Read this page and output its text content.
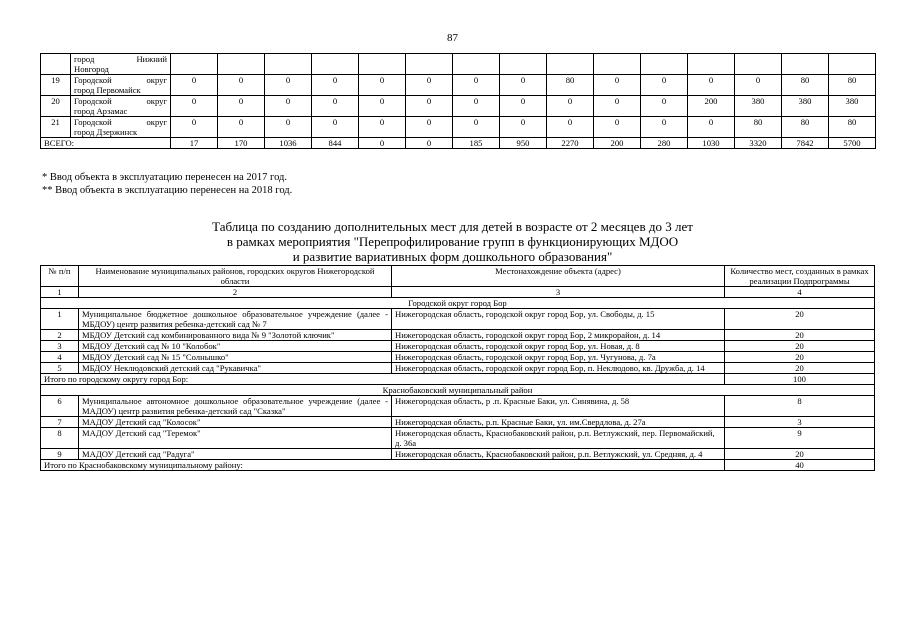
87

	город Нижний
Новгород															

19	Городской округ
город Первомайск	0	0	0	0	0	0	0	0	80	0	0	0	0	80	80
20	Городской округ
город Арзамас	0	0	0	0	0	0	0	0	0	0	0	200	380	380	380
21	Городской округ
город Дзержинск	0	0	0	0	0	0	0	0	0	0	0	0	80	80	80
ВСЕГО:		17	170	1036	844	0	0	185	950	2270	200	280	1030	3320	7842	5700
* Ввод объекта в эксплуатацию перенесен на 2017 год.
** Ввод объекта в эксплуатацию перенесен на 2018 год.
Таблица по созданию дополнительных мест для детей в возрасте от 2 месяцев до 3 лет
в рамках мероприятия "Перепрофилирование групп в функционирующих МДОО
и развитие вариативных форм дошкольного образования"
№ п/п	Наименование муниципальных районов, городских округов Нижегородской области	Местонахождение объекта (адрес)	Количество мест, созданных в рамках реализации Подпрограммы
1	2	3	4
Городской округ город Бор			
1	Муниципальное бюджетное дошкольное образовательное учреждение (далее - МБДОУ) центр развития ребенка-детский сад № 7	Нижегородская область, городской округ город Бор, ул. Свободы, д. 15	20
2	МБДОУ Детский сад комбинированного вида № 9 "Золотой ключик"	Нижегородская область, городской округ город Бор, 2 микрорайон, д. 14	20
3	МБДОУ Детский сад № 10 "Колобок"	Нижегородская область, городской округ город Бор, ул. Новая, д. 8	20
4	МБДОУ Детский сад № 15 "Солнышко"	Нижегородская область, городской округ город Бор, ул. Чугунова, д. 7а	20
5	МБДОУ Неклюдовский детский сад "Рукавичка"	Нижегородская область, городской округ город Бор, п. Неклюдово, кв. Дружба, д. 14	20
Итого по городскому округу город Бор:			100
Краснобаковский муниципальный район			
6	Муниципальное автономное дошкольное образовательное учреждение (далее - МАДОУ) центр развития ребенка-детский сад "Сказка"	Нижегородская область, р .п. Красные Баки, ул. Синявина, д. 58	8
7	МАДОУ Детский сад "Колосок"	Нижегородская область, р.п. Красные Баки, ул. им.Свердлова, д. 27а	3
8	МАДОУ Детский сад "Теремок"	Нижегородская область, Краснобаковский район, р.п. Ветлужский, пер. Первомайский, д. 36а	9
9	МАДОУ Детский сад "Радуга"	Нижегородская область, Краснобаковский район, р.п. Ветлужский, ул. Средняя, д. 4	20
Итого по Краснобаковскому муниципальному району:			40
